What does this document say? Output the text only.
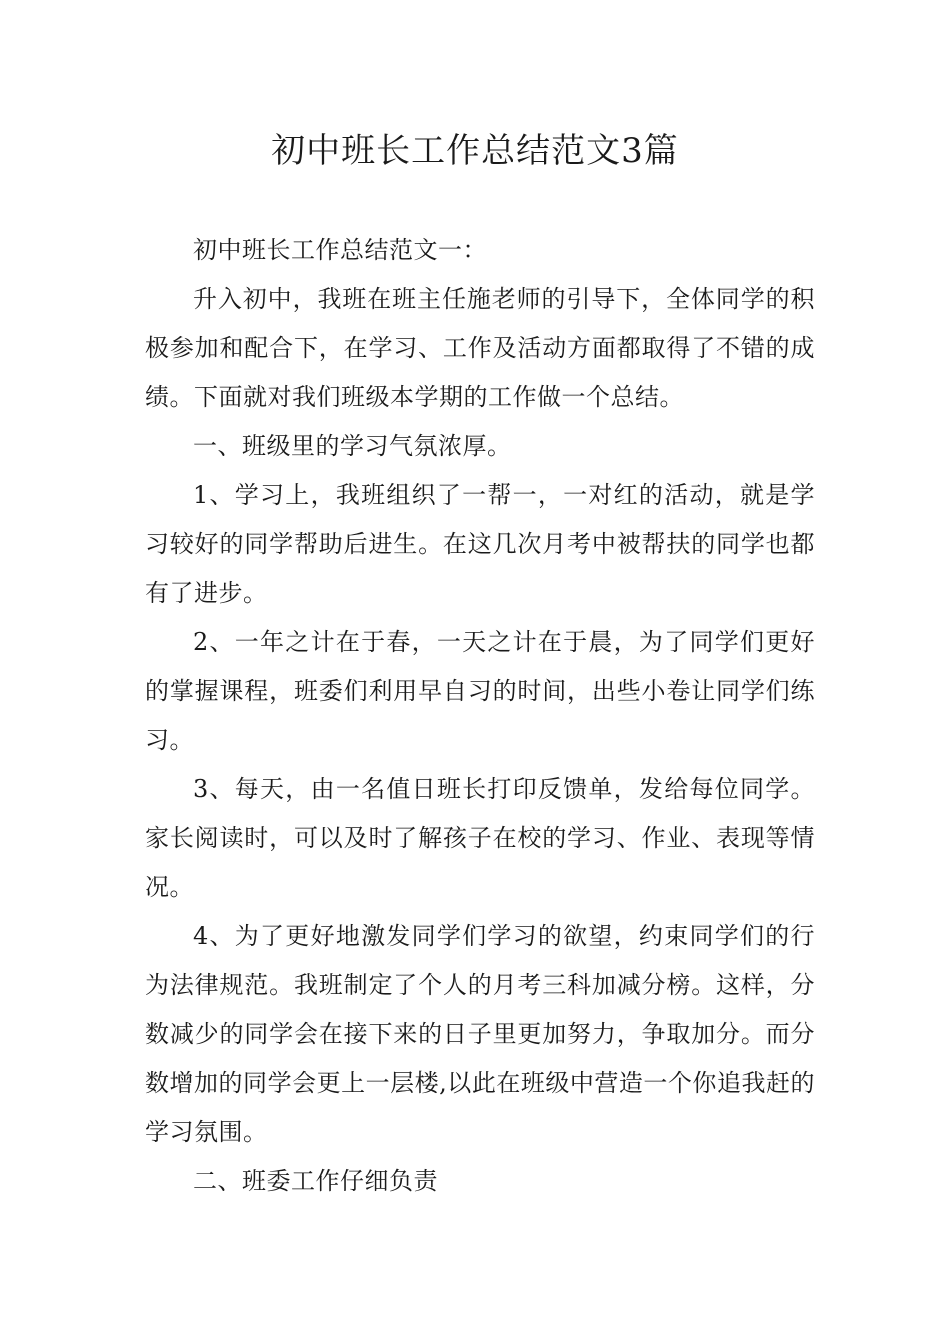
初中班长工作总结范文3篇

初中班长工作总结范文一：

升入初中，我班在班主任施老师的引导下，全体同学的积极参加和配合下，在学习、工作及活动方面都取得了不错的成绩。下面就对我们班级本学期的工作做一个总结。

一、班级里的学习气氛浓厚。

1、学习上，我班组织了一帮一，一对红的活动，就是学习较好的同学帮助后进生。在这几次月考中被帮扶的同学也都有了进步。

2、一年之计在于春，一天之计在于晨，为了同学们更好的掌握课程，班委们利用早自习的时间，出些小卷让同学们练习。

3、每天，由一名值日班长打印反馈单，发给每位同学。家长阅读时，可以及时了解孩子在校的学习、作业、表现等情况。

4、为了更好地激发同学们学习的欲望，约束同学们的行为法律规范。我班制定了个人的月考三科加减分榜。这样，分数减少的同学会在接下来的日子里更加努力，争取加分。而分数增加的同学会更上一层楼,以此在班级中营造一个你追我赶的学习氛围。

二、班委工作仔细负责
